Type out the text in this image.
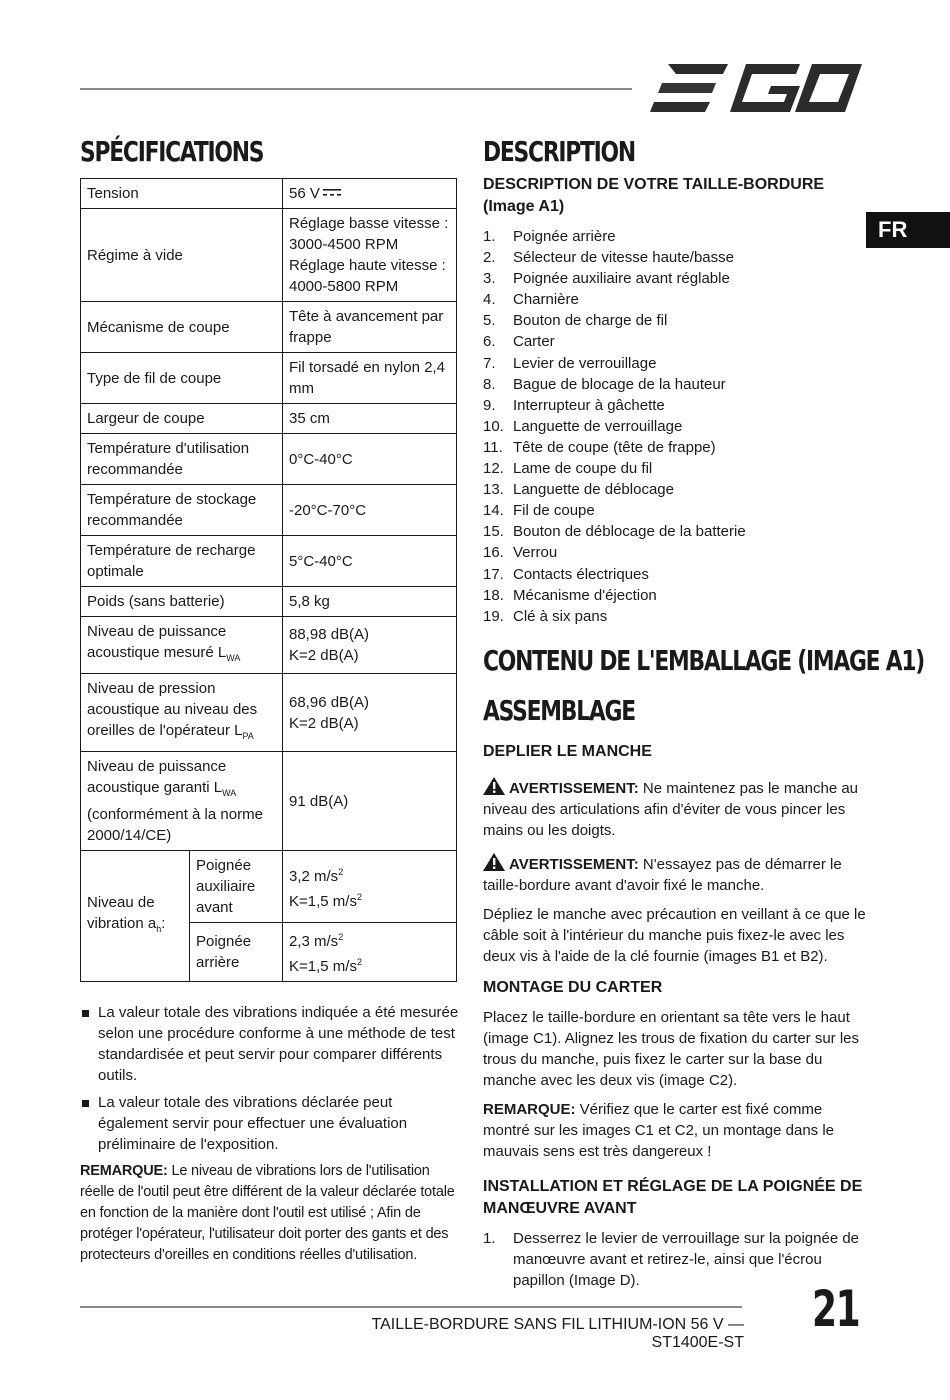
FR
SPÉCIFICATIONS
Tension		56 V
Régime à vide		Réglage basse vitesse :
3000-4500 RPM
Réglage haute vitesse :
4000-5800 RPM
Mécanisme de coupe		Tête à avancement par frappe
Type de fil de coupe		Fil torsadé en nylon 2,4 mm
Largeur de coupe		35 cm
Température d'utilisation recommandée		0°C-40°C
Température de stockage recommandée		-20°C-70°C
Température de recharge optimale		5°C-40°C
Poids (sans batterie)		5,8 kg
Niveau de puissance acoustique mesuré $L_{WA}$		88,98 dB(A)
K=2 dB(A)
Niveau de pression acoustique au niveau des oreilles de l'opérateur $L_{PA}$		68,96 dB(A)
K=2 dB(A)
Niveau de puissance acoustique garanti $L_{WA}$ (conformément à la norme 2000/14/CE)		91 dB(A)
Niveau de vibration $a_h$:	Poignée auxiliaire avant	3,2 $m/s^2$
K=1,5 $m/s^2$
	Poignée arrière	2,3 $m/s^2$
K=1,5 $m/s^2$
La valeur totale des vibrations indiquée a été mesurée selon une procédure conforme à une méthode de test standardisée et peut servir pour comparer différents outils.
La valeur totale des vibrations déclarée peut également servir pour effectuer une évaluation préliminaire de l'exposition.
REMARQUE: Le niveau de vibrations lors de l'utilisation réelle de l'outil peut être différent de la valeur déclarée totale en fonction de la manière dont l'outil est utilisé ; Afin de protéger l'opérateur, l'utilisateur doit porter des gants et des protecteurs d'oreilles en conditions réelles d'utilisation.
DESCRIPTION
DESCRIPTION DE VOTRE TAILLE-BORDURE (Image A1)
1.	Poignée arrière
2.	Sélecteur de vitesse haute/basse
3.	Poignée auxiliaire avant réglable
4.	Charnière
5.	Bouton de charge de fil
6.	Carter
7.	Levier de verrouillage
8.	Bague de blocage de la hauteur
9.	Interrupteur à gâchette
10. Languette de verrouillage
11. Tête de coupe (tête de frappe)
12. Lame de coupe du fil
13. Languette de déblocage
14. Fil de coupe
15. Bouton de déblocage de la batterie
16. Verrou
17. Contacts électriques
18. Mécanisme d'éjection
19. Clé à six pans
CONTENU DE L'EMBALLAGE (IMAGE A1)
ASSEMBLAGE
DEPLIER LE MANCHE

AVERTISSEMENT: Ne maintenez pas le manche au niveau des articulations afin d'éviter de vous pincer les mains ou les doigts.

AVERTISSEMENT: N'essayez pas de démarrer le taille-bordure avant d'avoir fixé le manche.

Dépliez le manche avec précaution en veillant à ce que le câble soit à l'intérieur du manche puis fixez-le avec les deux vis à l'aide de la clé fournie (images B1 et B2).

MONTAGE DU CARTER

Placez le taille-bordure en orientant sa tête vers le haut (image C1). Alignez les trous de fixation du carter sur les trous du manche, puis fixez le carter sur la base du manche avec les deux vis (image C2).

REMARQUE: Vérifiez que le carter est fixé comme montré sur les images C1 et C2, un montage dans le mauvais sens est très dangereux !

INSTALLATION ET RÉGLAGE DE LA POIGNÉE DE MANŒUVRE AVANT
1.	Desserrez le levier de verrouillage sur la poignée de manœuvre avant et retirez-le, ainsi que l'écrou papillon (Image D).
TAILLE-BORDURE SANS FIL LITHIUM-ION 56 V — ST1400E-ST
21
